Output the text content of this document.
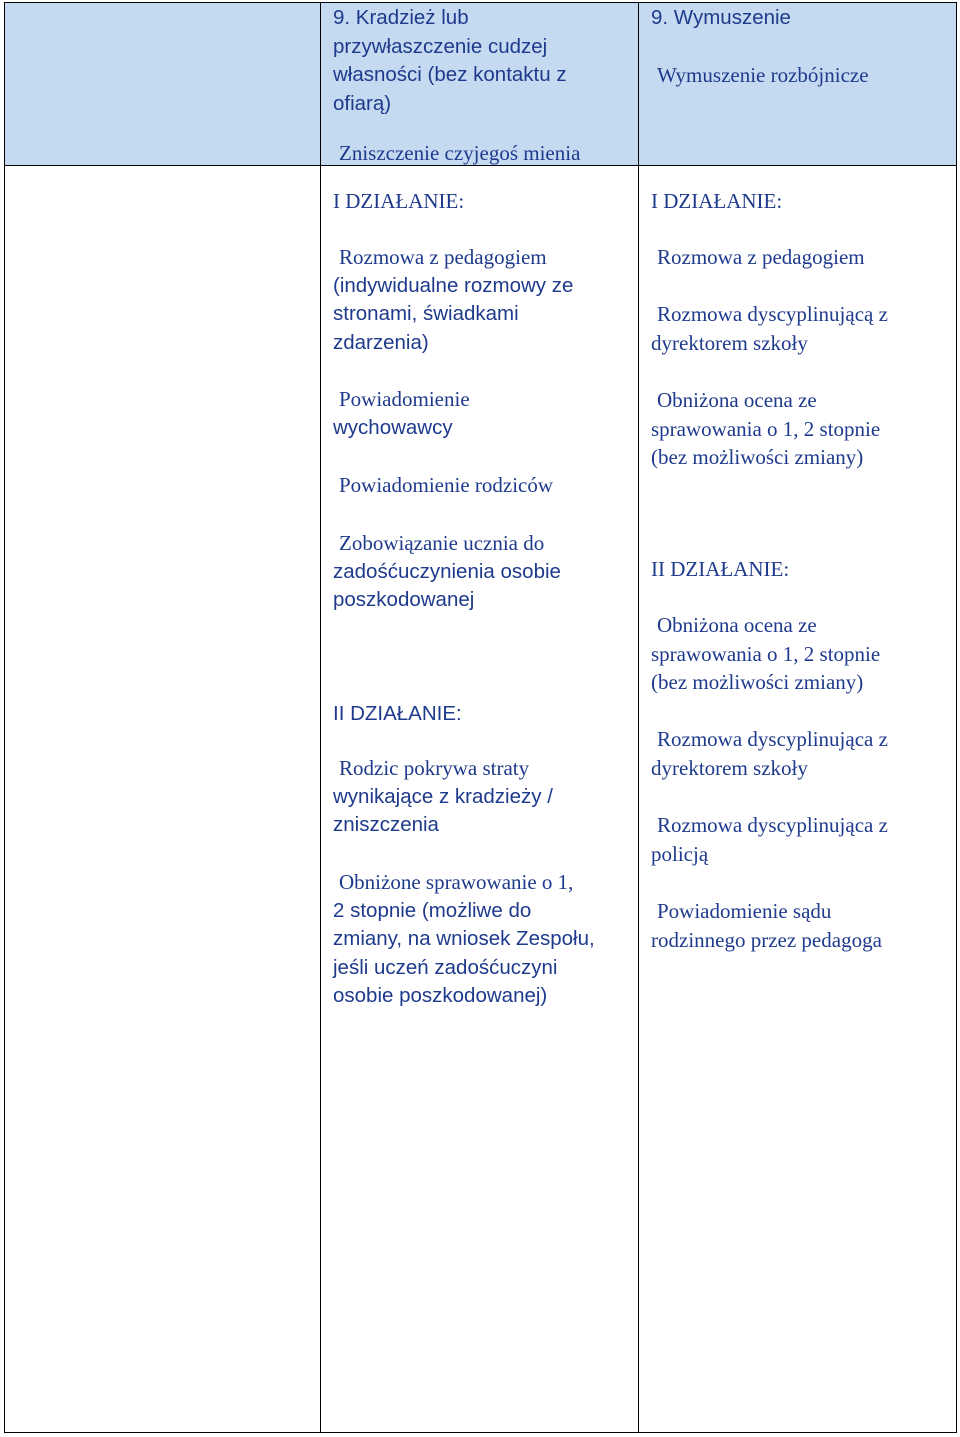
9. Kradzież lub

przywłaszczenie cudzej

własności (bez kontaktu z

ofiarą)

Zniszczenie czyjegoś mienia

9. Wymuszenie

Wymuszenie rozbójnicze

I DZIAŁANIE:

Rozmowa z pedagogiem

(indywidualne rozmowy ze

stronami, świadkami

zdarzenia)

Powiadomienie

wychowawcy

Powiadomienie rodziców

Zobowiązanie ucznia do

zadośćuczynienia osobie

poszkodowanej

II DZIAŁANIE:

Rodzic pokrywa straty

wynikające z kradzieży /

zniszczenia

Obniżone sprawowanie o 1,

2 stopnie (możliwe do

zmiany, na wniosek Zespołu,

jeśli uczeń zadośćuczyni

osobie poszkodowanej)

I DZIAŁANIE:

Rozmowa z pedagogiem

Rozmowa dyscyplinującą z

dyrektorem szkoły

Obniżona ocena ze

sprawowania o 1, 2 stopnie

(bez możliwości zmiany)

II DZIAŁANIE:

Obniżona ocena ze

sprawowania o 1, 2 stopnie

(bez możliwości zmiany)

Rozmowa dyscyplinująca z

dyrektorem szkoły

Rozmowa dyscyplinująca z

policją

Powiadomienie sądu

rodzinnego przez pedagoga
